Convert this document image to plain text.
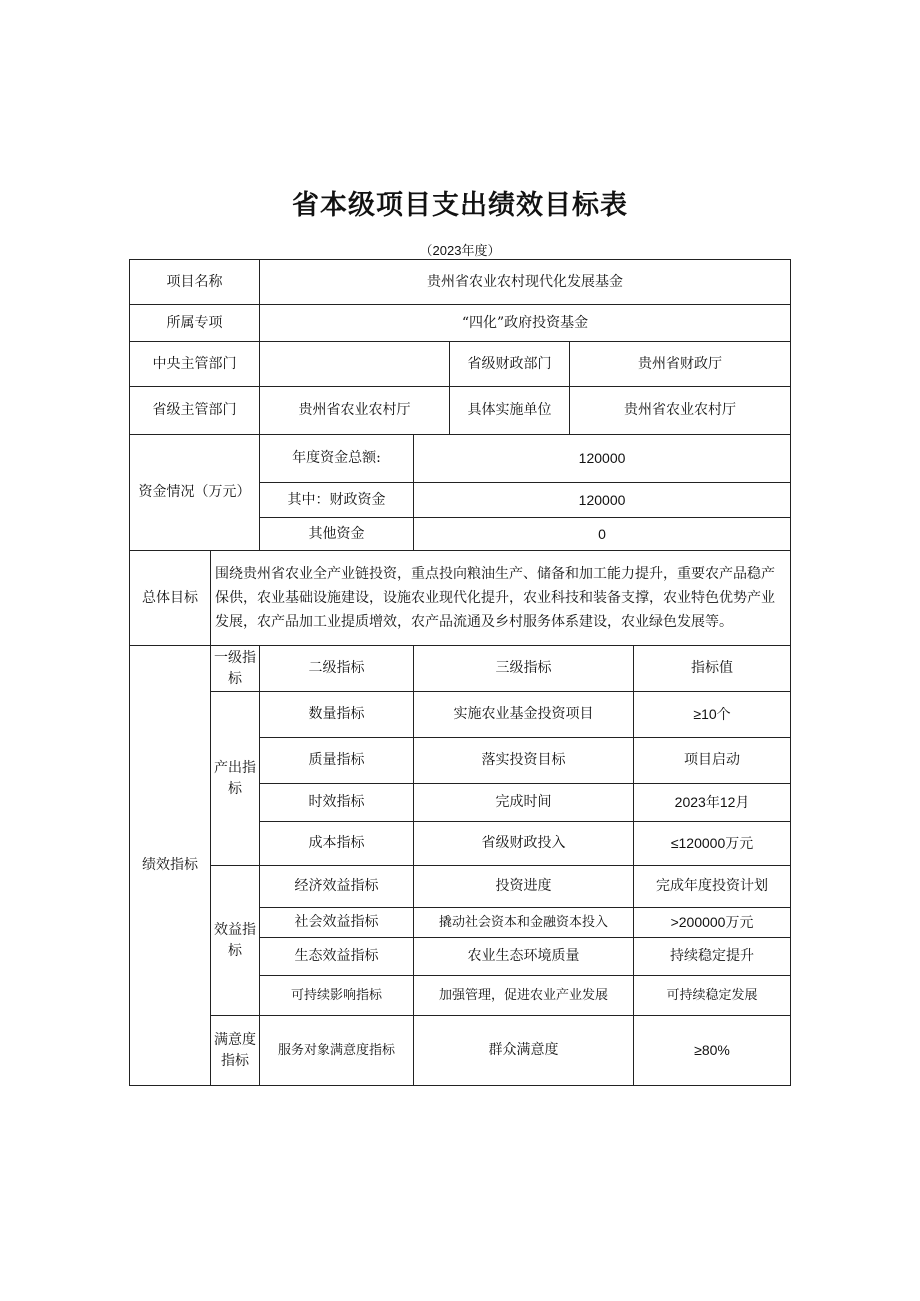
省本级项目支出绩效目标表
（2023年度）
项目名称		贵州省农业农村现代化发展基金				
所属专项		“四化”政府投资基金				
中央主管部门				省级财政部门	贵州省财政厅	
省级主管部门		贵州省农业农村厅		具体实施单位	贵州省农业农村厅	
资金情况（万元）		年度资金总额:	120000			
		其中：财政资金	120000			
		其他资金	0			
总体目标	围绕贵州省农业全产业链投资，重点投向粮油生产、储备和加工能力提升，重要农产品稳产保供，农业基础设施建设，设施农业现代化提升，农业科技和装备支撑，农业特色优势产业发展，农产品加工业提质增效，农产品流通及乡村服务体系建设，农业绿色发展等。					
绩效指标	一级指标	二级指标	三级指标			指标值
	产出指标	数量指标	实施农业基金投资项目			≥10个
		质量指标	落实投资目标			项目启动
		时效指标	完成时间			2023年12月
		成本指标	省级财政投入			≤120000万元
	效益指标	经济效益指标	投资进度			完成年度投资计划
		社会效益指标	撬动社会资本和金融资本投入			>200000万元
		生态效益指标	农业生态环境质量			持续稳定提升
		可持续影响指标	加强管理，促进农业产业发展			可持续稳定发展
	满意度指标	服务对象满意度指标	群众满意度			≥80%
